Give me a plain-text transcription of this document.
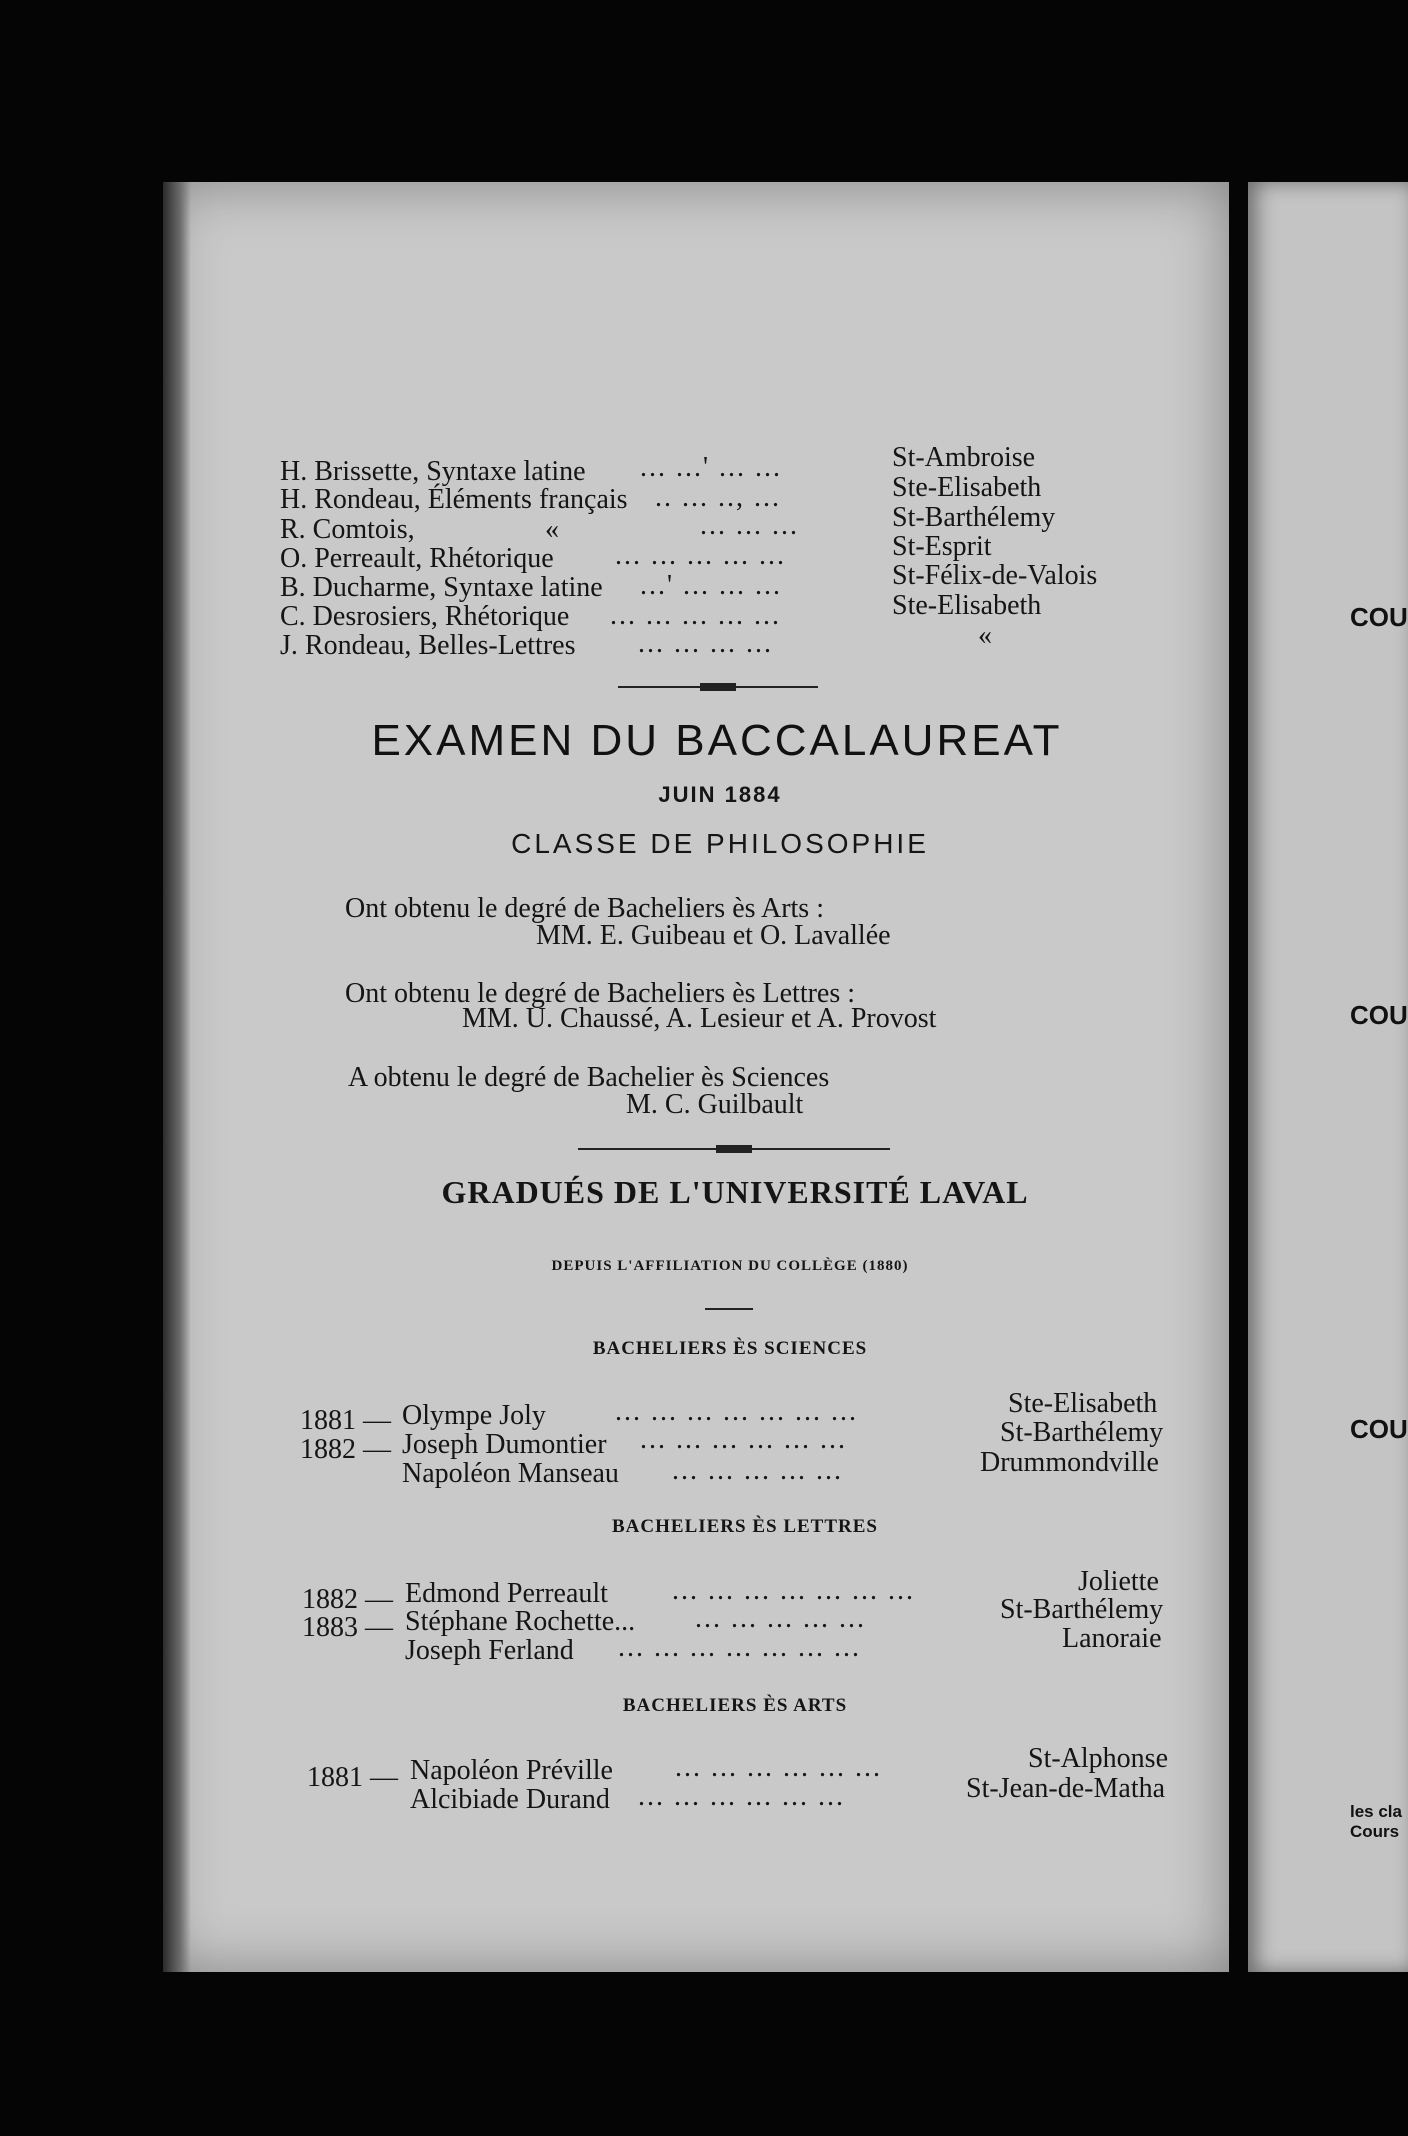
COU
COU
COU
les cla
Cours
H. Brissette, Syntaxe latine ... ...' ... ...	St-Ambroise
H. Rondeau, Éléments français .. ... .., ...	Ste-Elisabeth
R. Comtois,	«	... ... ...	St-Barthélemy
O. Perreault, Rhétorique ... ... ... ... ...	St-Esprit
B. Ducharme, Syntaxe latine ...' ... ... ...	St-Félix-de-Valois
C. Desrosiers, Rhétorique ... ... ... ... ...	Ste-Elisabeth
J. Rondeau, Belles-Lettres ... ... ... ...	«
EXAMEN DU BACCALAUREAT
JUIN 1884
CLASSE DE PHILOSOPHIE
Ont obtenu le degré de Bacheliers ès Arts :
MM. E. Guibeau et O. Lavallée
Ont obtenu le degré de Bacheliers ès Lettres :
MM. U. Chaussé, A. Lesieur et A. Provost
A obtenu le degré de Bachelier ès Sciences
M. C. Guilbault
GRADUÉS DE L'UNIVERSITÉ LAVAL
DEPUIS L'AFFILIATION DU COLLÈGE (1880)
BACHELIERS ÈS SCIENCES
1881 — Olympe Joly ... ... ... ... ... ... ...	Ste-Elisabeth
1882 — Joseph Dumontier ... ... ... ... ... ...	St-Barthélemy
Napoléon Manseau ... ... ... ... ...	Drummondville
BACHELIERS ÈS LETTRES
1882 — Edmond Perreault ... ... ... ... ... ... ...	Joliette
1883 — Stéphane Rochette... ... ... ... ... ...	St-Barthélemy
Joseph Ferland ... ... ... ... ... ... ...	Lanoraie
BACHELIERS ÈS ARTS
1881 — Napoléon Préville ... ... ... ... ... ...	St-Alphonse
Alcibiade Durand ... ... ... ... ... ...	St-Jean-de-Matha
